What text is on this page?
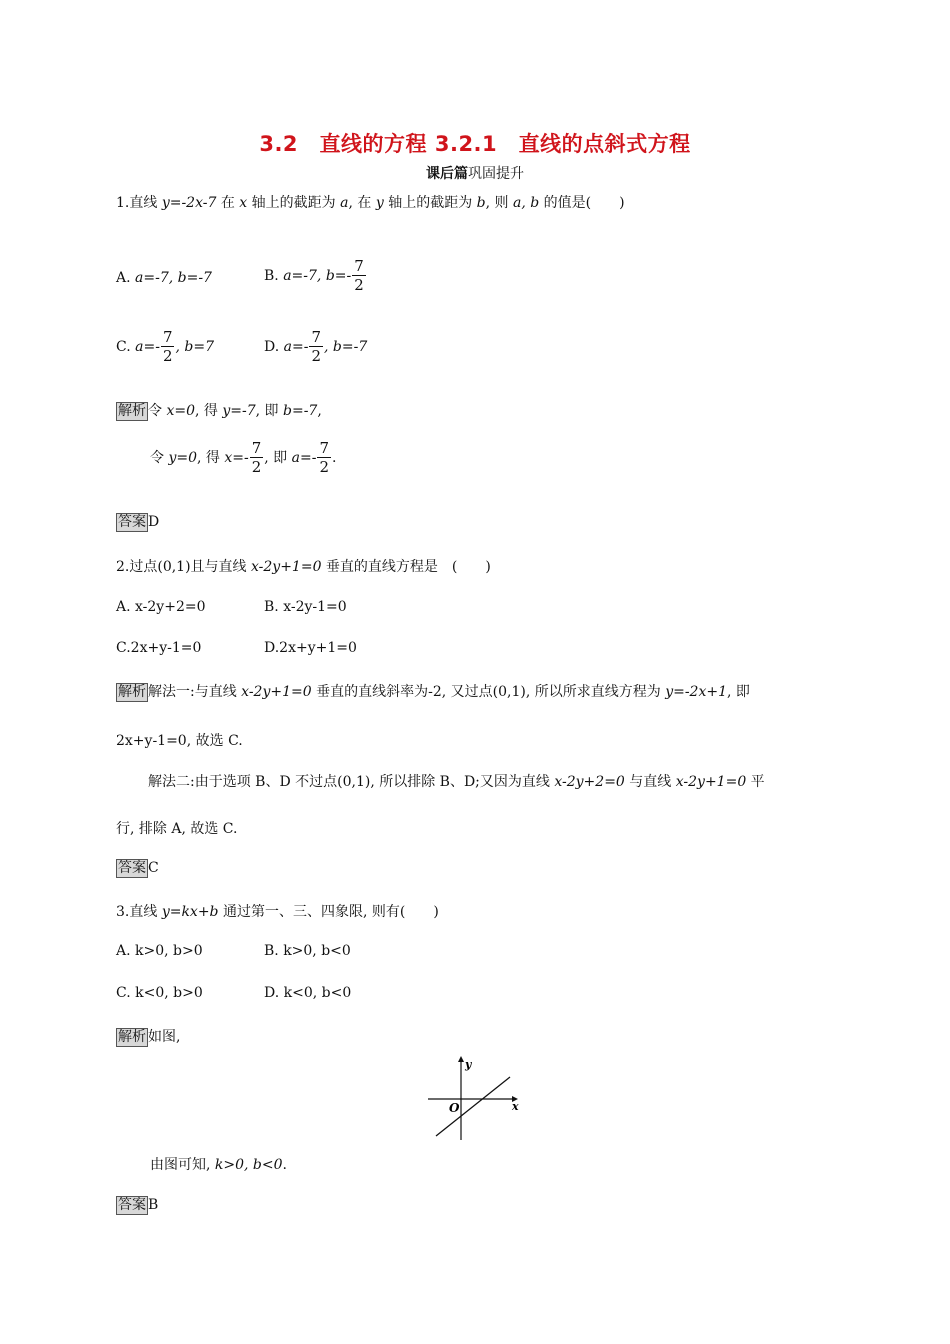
3.2　直线的方程 3.2.1　直线的点斜式方程
课后篇巩固提升
1.直线 y=-2x-7 在 x 轴上的截距为 a, 在 y 轴上的截距为 b, 则 a, b 的值是(　　)
A. a=-7, b=-7	B. a=-7, $b=- \frac{7}{2}$
C. $a=- \frac{7}{2}$ , b=7	D. $a=- \frac{7}{2}$ , b=-7
解析 令 x=0, 得 y=-7, 即 b=-7,
令 y=0, 得 $x=- \frac{7}{2}$ , 即 $a=- \frac{7}{2}$ .
答案 D
2.过点(0,1)且与直线 x-2y+1=0 垂直的直线方程是　(　　)
A. x-2y+2=0	B. x-2y-1=0
C.2x+y-1=0	D.2x+y+1=0
解析 解法一:与直线 x-2y+1=0 垂直的直线斜率为-2, 又过点(0,1), 所以所求直线方程为 y=-2x+1, 即
2x+y-1=0, 故选 C.
解法二:由于选项 B、D 不过点(0,1), 所以排除 B、D;又因为直线 x-2y+2=0 与直线 x-2y+1=0 平
行, 排除 A, 故选 C.
答案 C
3.直线 y=kx+b 通过第一、三、四象限, 则有(　　)
A. k>0, b>0	B. k>0, b<0
C. k<0, b>0	D. k<0, b<0
解析 如图,
y
x
O
由图可知, k>0, b<0.
答案 B
